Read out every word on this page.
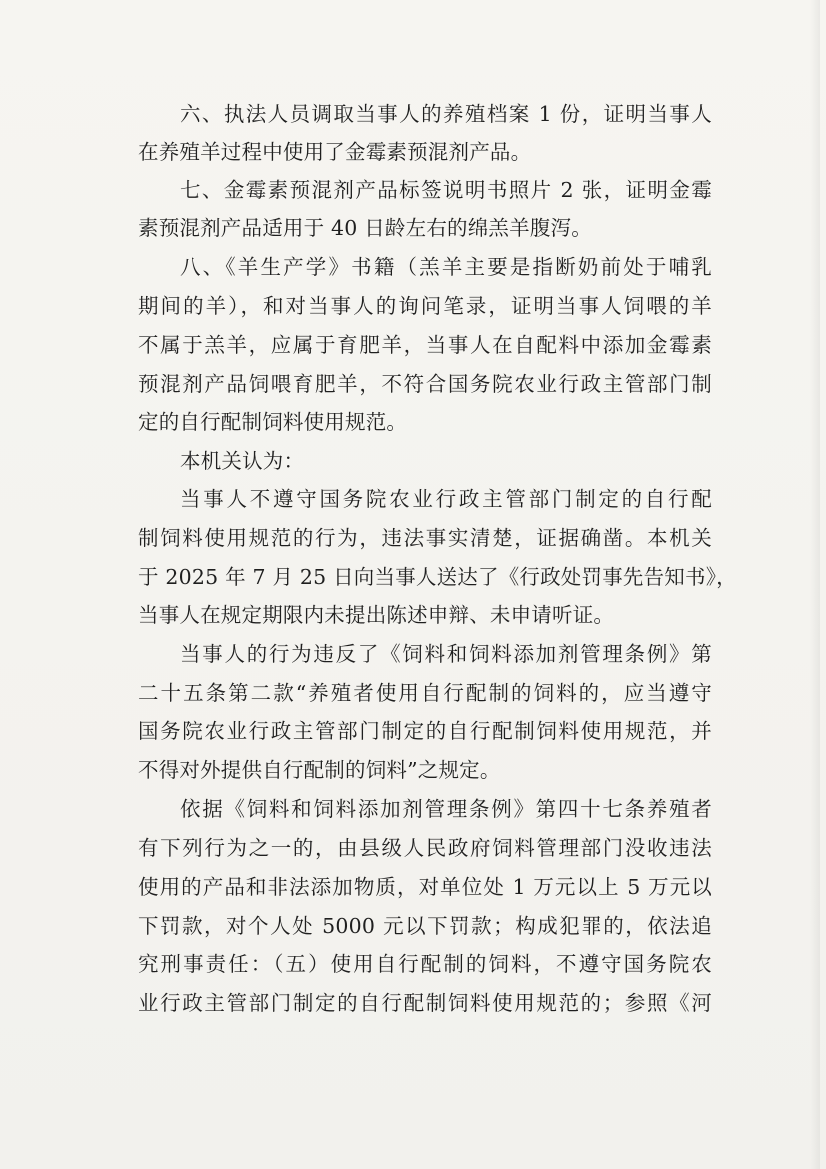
六、执法人员调取当事人的养殖档案 1 份，证明当事人
在养殖羊过程中使用了金霉素预混剂产品。
七、金霉素预混剂产品标签说明书照片 2 张，证明金霉
素预混剂产品适用于 40 日龄左右的绵羔羊腹泻。
八、《羊生产学》书籍（羔羊主要是指断奶前处于哺乳
期间的羊），和对当事人的询问笔录，证明当事人饲喂的羊
不属于羔羊，应属于育肥羊，当事人在自配料中添加金霉素
预混剂产品饲喂育肥羊，不符合国务院农业行政主管部门制
定的自行配制饲料使用规范。
本机关认为：
当事人不遵守国务院农业行政主管部门制定的自行配
制饲料使用规范的行为，违法事实清楚，证据确凿。本机关
于 2025 年 7 月 25 日向当事人送达了《行政处罚事先告知书》，
当事人在规定期限内未提出陈述申辩、未申请听证。
当事人的行为违反了《饲料和饲料添加剂管理条例》第
二十五条第二款“养殖者使用自行配制的饲料的，应当遵守
国务院农业行政主管部门制定的自行配制饲料使用规范，并
不得对外提供自行配制的饲料”之规定。
依据《饲料和饲料添加剂管理条例》第四十七条养殖者
有下列行为之一的，由县级人民政府饲料管理部门没收违法
使用的产品和非法添加物质，对单位处 1 万元以上 5 万元以
下罚款，对个人处 5000 元以下罚款；构成犯罪的，依法追
究刑事责任：（五）使用自行配制的饲料，不遵守国务院农
业行政主管部门制定的自行配制饲料使用规范的；参照《河
